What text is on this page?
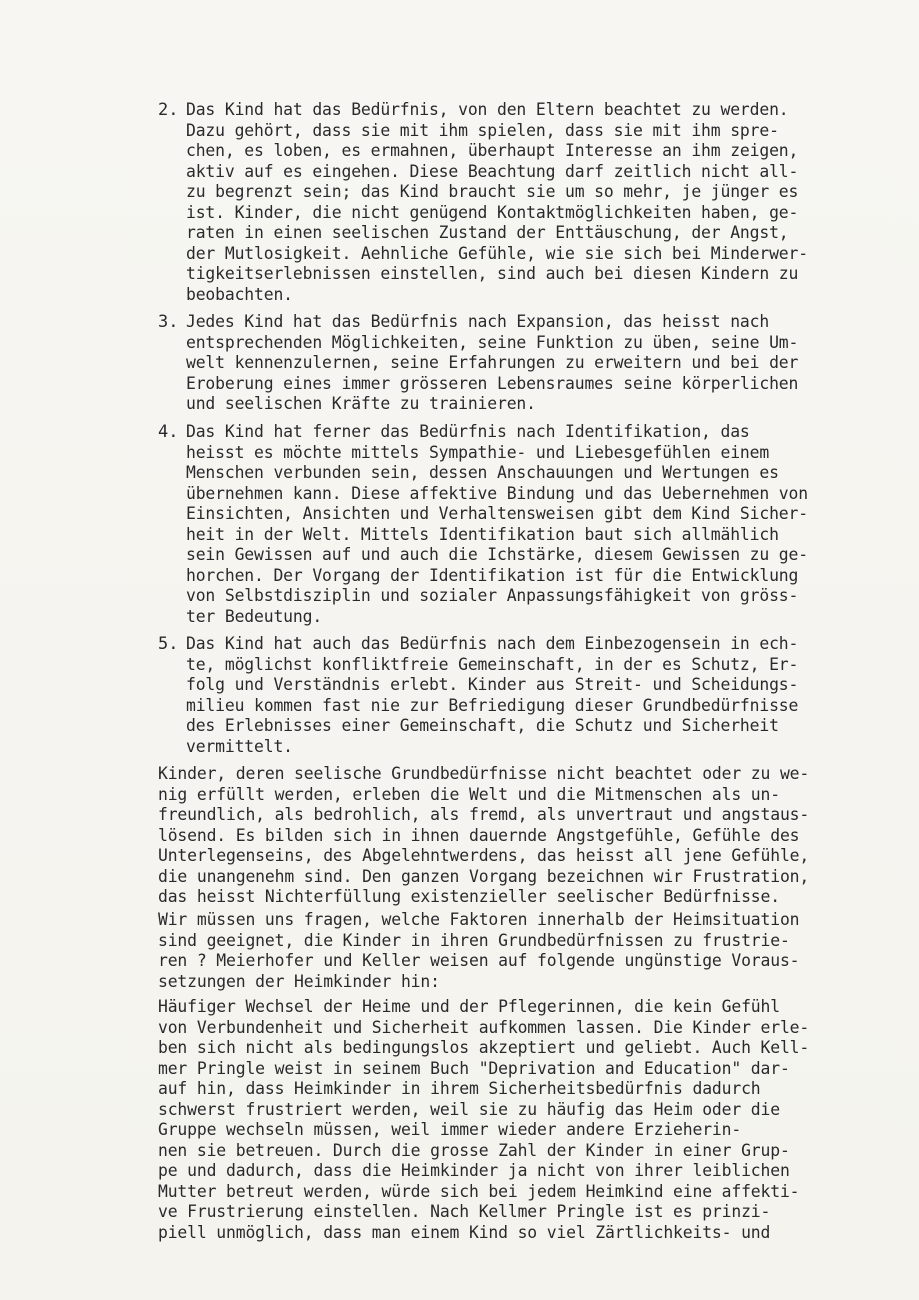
2. Das Kind hat das Bedürfnis, von den Eltern beachtet zu werden.
Dazu gehört, dass sie mit ihm spielen, dass sie mit ihm spre-
chen, es loben, es ermahnen, überhaupt Interesse an ihm zeigen,
aktiv auf es eingehen. Diese Beachtung darf zeitlich nicht all-
zu begrenzt sein; das Kind braucht sie um so mehr, je jünger es
ist. Kinder, die nicht genügend Kontaktmöglichkeiten haben, ge-
raten in einen seelischen Zustand der Enttäuschung, der Angst,
der Mutlosigkeit. Aehnliche Gefühle, wie sie sich bei Minderwer-
tigkeitserlebnissen einstellen, sind auch bei diesen Kindern zu
beobachten.
3. Jedes Kind hat das Bedürfnis nach Expansion, das heisst nach
entsprechenden Möglichkeiten, seine Funktion zu üben, seine Um-
welt kennenzulernen, seine Erfahrungen zu erweitern und bei der
Eroberung eines immer grösseren Lebensraumes seine körperlichen
und seelischen Kräfte zu trainieren.
4. Das Kind hat ferner das Bedürfnis nach Identifikation, das
heisst es möchte mittels Sympathie- und Liebesgefühlen einem
Menschen verbunden sein, dessen Anschauungen und Wertungen es
übernehmen kann. Diese affektive Bindung und das Uebernehmen von
Einsichten, Ansichten und Verhaltensweisen gibt dem Kind Sicher-
heit in der Welt. Mittels Identifikation baut sich allmählich
sein Gewissen auf und auch die Ichstärke, diesem Gewissen zu ge-
horchen. Der Vorgang der Identifikation ist für die Entwicklung
von Selbstdisziplin und sozialer Anpassungsfähigkeit von gröss-
ter Bedeutung.
5. Das Kind hat auch das Bedürfnis nach dem Einbezogensein in ech-
te, möglichst konfliktfreie Gemeinschaft, in der es Schutz, Er-
folg und Verständnis erlebt. Kinder aus Streit- und Scheidungs-
milieu kommen fast nie zur Befriedigung dieser Grundbedürfnisse
des Erlebnisses einer Gemeinschaft, die Schutz und Sicherheit
vermittelt.
Kinder, deren seelische Grundbedürfnisse nicht beachtet oder zu we-
nig erfüllt werden, erleben die Welt und die Mitmenschen als un-
freundlich, als bedrohlich, als fremd, als unvertraut und angstaus-
lösend. Es bilden sich in ihnen dauernde Angstgefühle, Gefühle des
Unterlegenseins, des Abgelehntwerdens, das heisst all jene Gefühle,
die unangenehm sind. Den ganzen Vorgang bezeichnen wir Frustration,
das heisst Nichterfüllung existenzieller seelischer Bedürfnisse.
Wir müssen uns fragen, welche Faktoren innerhalb der Heimsituation
sind geeignet, die Kinder in ihren Grundbedürfnissen zu frustrie-
ren ? Meierhofer und Keller weisen auf folgende ungünstige Voraus-
setzungen der Heimkinder hin:
Häufiger Wechsel der Heime und der Pflegerinnen, die kein Gefühl
von Verbundenheit und Sicherheit aufkommen lassen. Die Kinder erle-
ben sich nicht als bedingungslos akzeptiert und geliebt. Auch Kell-
mer Pringle weist in seinem Buch "Deprivation and Education" dar-
auf hin, dass Heimkinder in ihrem Sicherheitsbedürfnis dadurch
schwerst frustriert werden, weil sie zu häufig das Heim oder die
Gruppe wechseln müssen, weil immer wieder andere Erzieherin-
nen sie betreuen. Durch die grosse Zahl der Kinder in einer Grup-
pe und dadurch, dass die Heimkinder ja nicht von ihrer leiblichen
Mutter betreut werden, würde sich bei jedem Heimkind eine affekti-
ve Frustrierung einstellen. Nach Kellmer Pringle ist es prinzi-
piell unmöglich, dass man einem Kind so viel Zärtlichkeits- und
